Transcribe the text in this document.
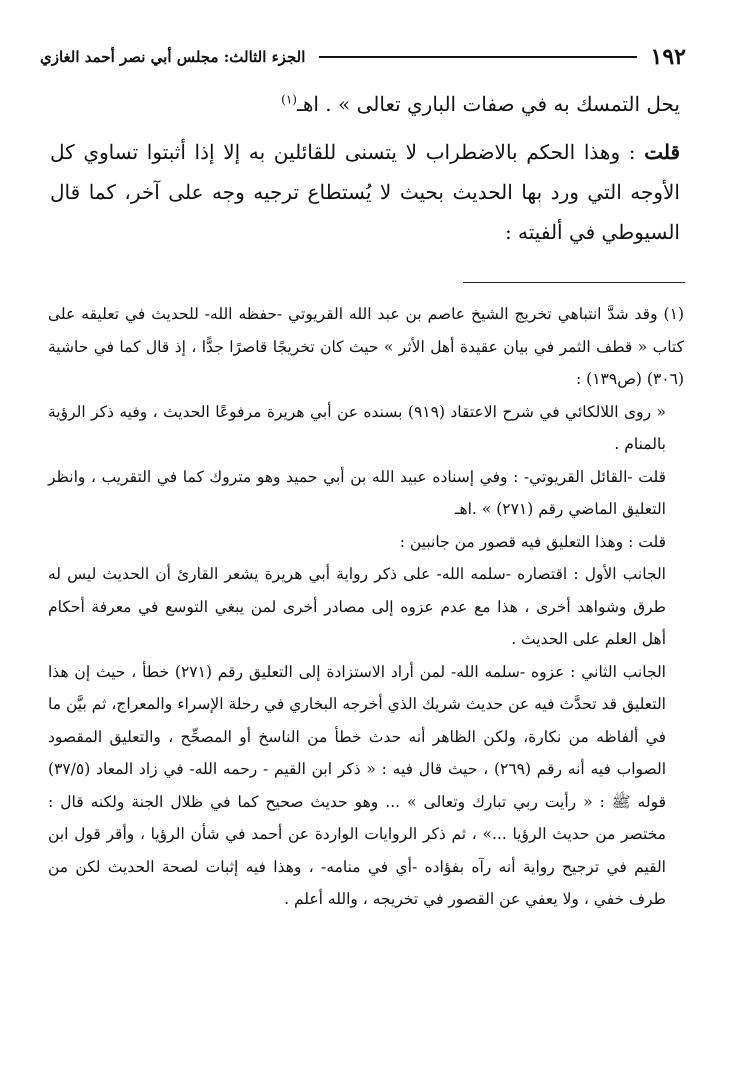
١٩٢
الجزء الثالث: مجلس أبي نصر أحمد الغازي

يحل التمسك به في صفات الباري تعالى » . اهـ$^{(١)}$

قلت : وهذا الحكم بالاضطراب لا يتسنى للقائلين به إلا إذا أثبتوا تساوي كل الأوجه التي ورد بها الحديث بحيث لا يُستطاع ترجيه وجه على آخر، كما قال السيوطي في ألفيته :

(١) وقد شدَّ انتباهي تخريج الشيخ عاصم بن عبد الله القريوتي -حفظه الله- للحديث في تعليقه على كتاب « قطف الثمر في بيان عقيدة أهل الأثر » حيث كان تخريجًا قاصرًا جدًّا ، إذ قال كما في حاشية (٣٠٦) (ص١٣٩) :

« روى اللالكائي في شرح الاعتقاد (٩١٩) بسنده عن أبي هريرة مرفوعًا الحديث ، وفيه ذكر الرؤية بالمنام .

قلت -القائل القريوتي- : وفي إسناده عبيد الله بن أبي حميد وهو متروك كما في التقريب ، وانظر التعليق الماضي رقم (٢٧١) » .اهـ

قلت : وهذا التعليق فيه قصور من جانبين :

الجانب الأول : اقتصاره -سلمه الله- على ذكر رواية أبي هريرة يشعر القارئ أن الحديث ليس له طرق وشواهد أخرى ، هذا مع عدم عزوه إلى مصادر أخرى لمن يبغي التوسع في معرفة أحكام أهل العلم على الحديث .

الجانب الثاني : عزوه -سلمه الله- لمن أراد الاستزادة إلى التعليق رقم (٢٧١) خطأ ، حيث إن هذا التعليق قد تحدَّث فيه عن حديث شريك الذي أخرجه البخاري في رحلة الإسراء والمعراج، ثم بيَّن ما في ألفاظه من نكارة، ولكن الظاهر أنه حدث خطأ من الناسخ أو المصحِّح ، والتعليق المقصود الصواب فيه أنه رقم (٢٦٩) ، حيث قال فيه : « ذكر ابن القيم - رحمه الله- في زاد المعاد (٣٧/٥) قوله ﷺ : « رأيت ربي تبارك وتعالى » ... وهو حديث صحيح كما في ظلال الجنة ولكنه قال : مختصر من حديث الرؤيا ...» ، ثم ذكر الروايات الواردة عن أحمد في شأن الرؤيا ، وأقر قول ابن القيم في ترجيح رواية أنه رآه بفؤاده -أي في منامه- ، وهذا فيه إثبات لصحة الحديث لكن من طرف خفي ، ولا يعفي عن القصور في تخريجه ، والله أعلم .
